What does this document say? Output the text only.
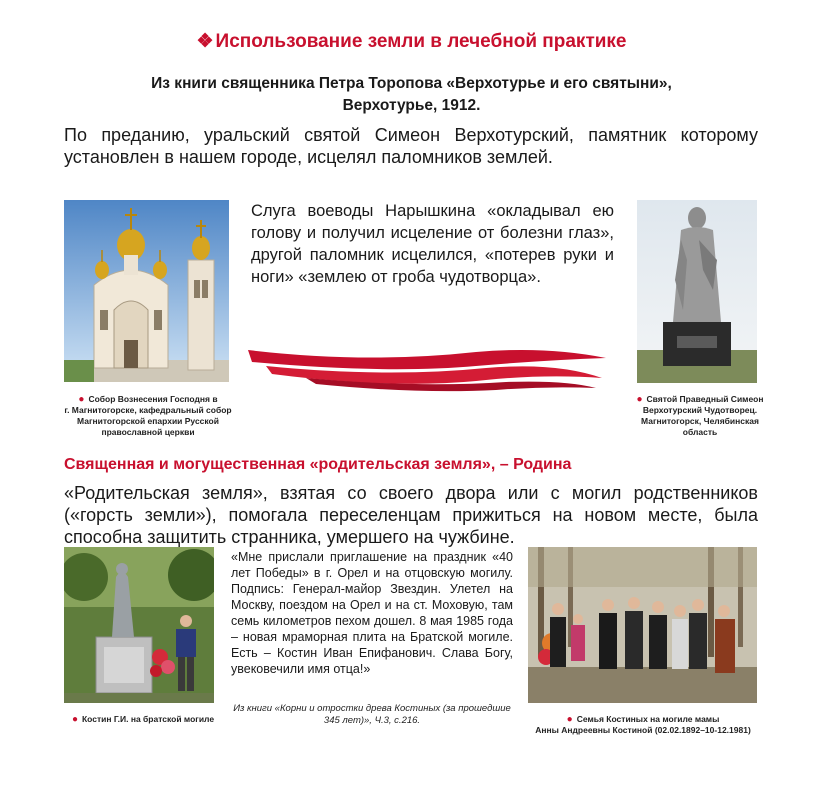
❖ Использование земли в лечебной практике
Из книги священника Петра Торопова «Верхотурье и его святыни»,
Верхотурье, 1912.
По преданию, уральский святой Симеон Верхотурский, памятник которому установлен в нашем городе, исцелял паломников землей.
● Собор Вознесения Господня в
г. Магнитогорске, кафедральный собор
Магнитогорской епархии Русской
православной церкви
Слуга воеводы Нарышкина «окладывал ею голову и получил исцеление от болезни глаз», другой паломник исцелился, «потерев руки и ноги» «землею от гроба чудотворца».
● Святой Праведный Симеон
Верхотурский Чудотворец.
Магнитогорск, Челябинская
область
Священная и могущественная «родительская земля», – Родина
«Родительская земля», взятая со своего двора или с могил родственников («горсть земли»), помогала переселенцам прижиться на новом месте, была способна защитить странника, умершего на чужбине.
● Костин Г.И. на братской могиле
«Мне прислали приглашение на праздник «40 лет Победы» в г. Орел и на отцовскую могилу. Подпись: Генерал-майор Звездин. Улетел на Москву, поездом на Орел и на ст. Моховую, там семь километров пехом дошел. 8 мая 1985 года – новая мраморная плита на Братской могиле. Есть – Костин Иван Епифанович. Слава Богу, увековечили имя отца!»
Из книги «Корни и отростки древа Костиных (за прошедшие 345 лет)», Ч.3, с.216.	● Семья Костиных на могиле мамы
Анны Андреевны Костиной (02.02.1892–10-12.1981)
